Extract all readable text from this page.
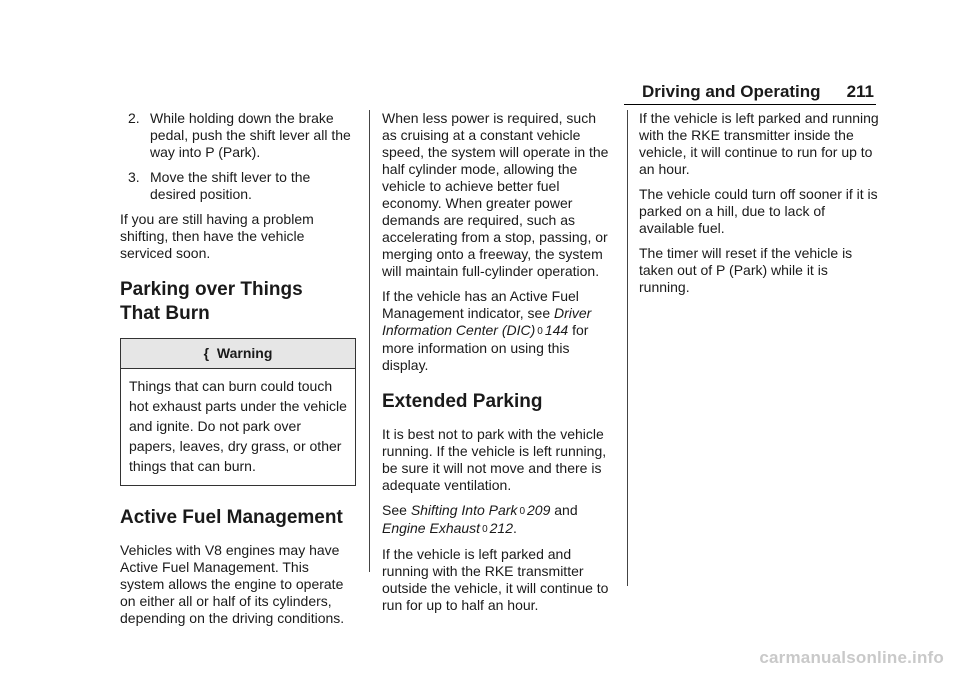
Driving and Operating 211
2. While holding down the brake pedal, push the shift lever all the way into P (Park).
3. Move the shift lever to the desired position.

If you are still having a problem shifting, then have the vehicle serviced soon.

Parking over Things That Burn
{ Warning
Things that can burn could touch hot exhaust parts under the vehicle and ignite. Do not park over papers, leaves, dry grass, or other things that can burn.
Active Fuel Management

Vehicles with V8 engines may have Active Fuel Management. This system allows the engine to operate on either all or half of its cylinders, depending on the driving conditions.

When less power is required, such as cruising at a constant vehicle speed, the system will operate in the half cylinder mode, allowing the vehicle to achieve better fuel economy. When greater power demands are required, such as accelerating from a stop, passing, or merging onto a freeway, the system will maintain full-cylinder operation.

If the vehicle has an Active Fuel Management indicator, see Driver Information Center (DIC) 0 144 for more information on using this display.

Extended Parking

It is best not to park with the vehicle running. If the vehicle is left running, be sure it will not move and there is adequate ventilation.

See Shifting Into Park 0 209 and Engine Exhaust 0 212.

If the vehicle is left parked and running with the RKE transmitter outside the vehicle, it will continue to run for up to half an hour.

If the vehicle is left parked and running with the RKE transmitter inside the vehicle, it will continue to run for up to an hour.

The vehicle could turn off sooner if it is parked on a hill, due to lack of available fuel.

The timer will reset if the vehicle is taken out of P (Park) while it is running.

carmanualsonline.info
